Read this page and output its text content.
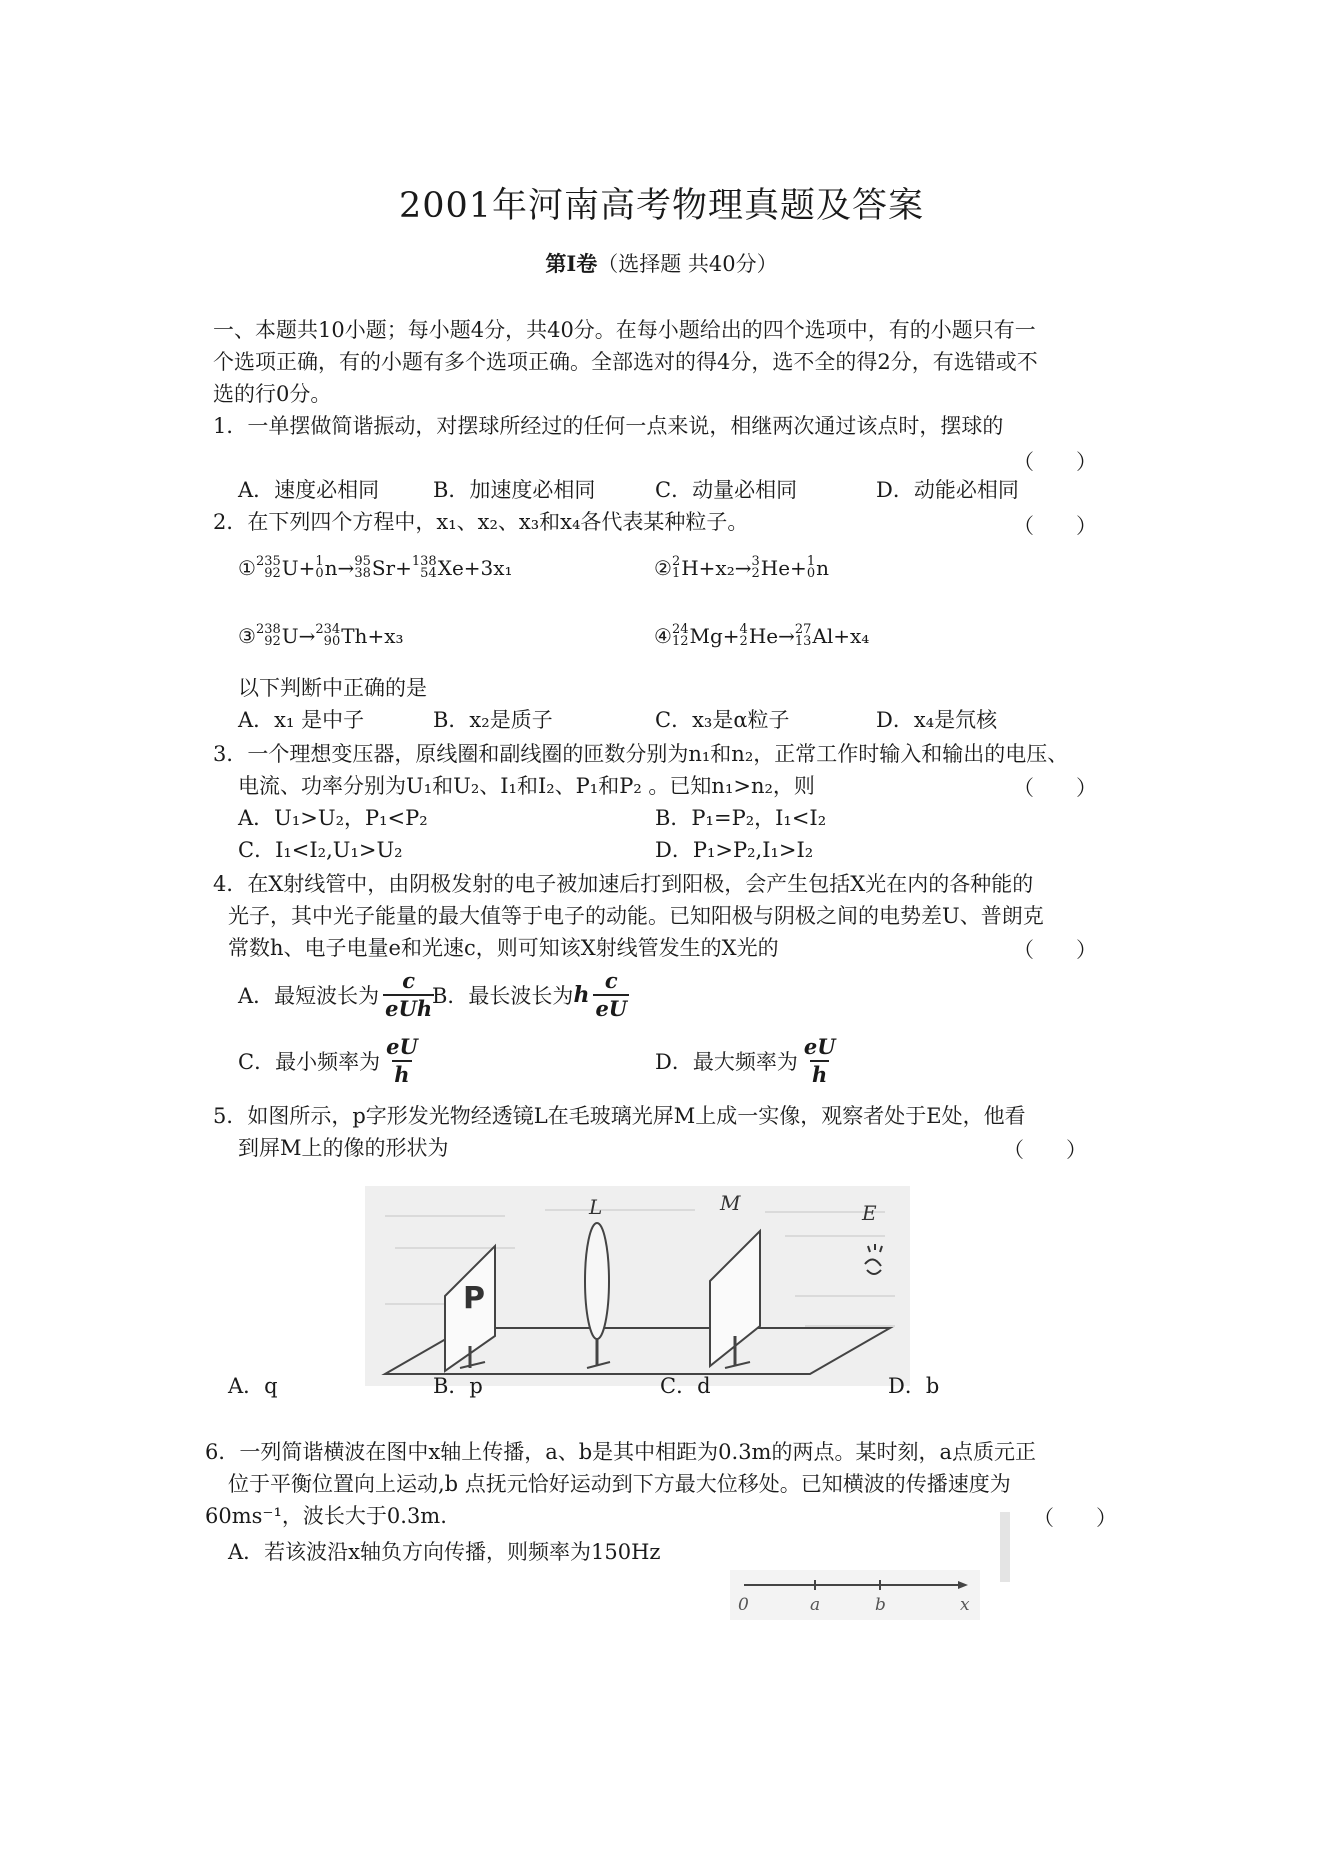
2001年河南高考物理真题及答案
第Ⅰ卷（选择题 共40分）
一、本题共10小题；每小题4分，共40分。在每小题给出的四个选项中，有的小题只有一
个选项正确，有的小题有多个选项正确。全部选对的得4分，选不全的得2分，有选错或不
选的行0分。
1．一单摆做简谐振动，对摆球所经过的任何一点来说，相继两次通过该点时，摆球的
（　　）
A．速度必相同	B．加速度必相同	C．动量必相同	D．动能必相同
2．在下列四个方程中，x₁、x₂、x₃和x₄各代表某种粒子。	（　　）
① 235
92 U+ 1
0 n→ 95
38 Sr+ 138
54 Xe+3x₁	② 2
1 H+x₂→ 3
2 He+ 1
0 n
③ 238
92 U→ 234
90 Th+x₃	④ 24
12 Mg+ 4
2 He→ 27
13 Al+x₄
以下判断中正确的是
A．x₁ 是中子	B．x₂是质子	C．x₃是α粒子	D．x₄是氘核
3．一个理想变压器，原线圈和副线圈的匝数分别为n₁和n₂，正常工作时输入和输出的电压、
电流、功率分别为U₁和U₂、I₁和I₂、P₁和P₂ 。已知n₁>n₂，则	（　　）
A．U₁>U₂，P₁<P₂	B．P₁=P₂，I₁<I₂
C．I₁<I₂,U₁>U₂	D．P₁>P₂,I₁>I₂
4．在X射线管中，由阴极发射的电子被加速后打到阳极，会产生包括X光在内的各种能的
光子，其中光子能量的最大值等于电子的动能。已知阳极与阴极之间的电势差U、普朗克
常数h、电子电量e和光速c，则可知该X射线管发生的X光的	（　　）
A．最短波长为 $\frac{c}{\text{eUh}}$
B．最长波长为 h $\frac{c}{eU}$
C．最小频率为 $\frac{eU}{h}$	D．最大频率为 $\frac{eU}{h}$
5．如图所示，p字形发光物经透镜L在毛玻璃光屏M上成一实像，观察者处于E处，他看
到屏M上的像的形状为	（　　）
P
L	M	E
A．q	B．p	C．d	D．b
6．一列简谐横波在图中x轴上传播，a、b是其中相距为0.3m的两点。某时刻，a点质元正
位于平衡位置向上运动,b 点抚元恰好运动到下方最大位移处。已知横波的传播速度为
60ms⁻¹，波长大于0.3m.	（　　）
A．若该波沿x轴负方向传播，则频率为150Hz
0	a	b	x
